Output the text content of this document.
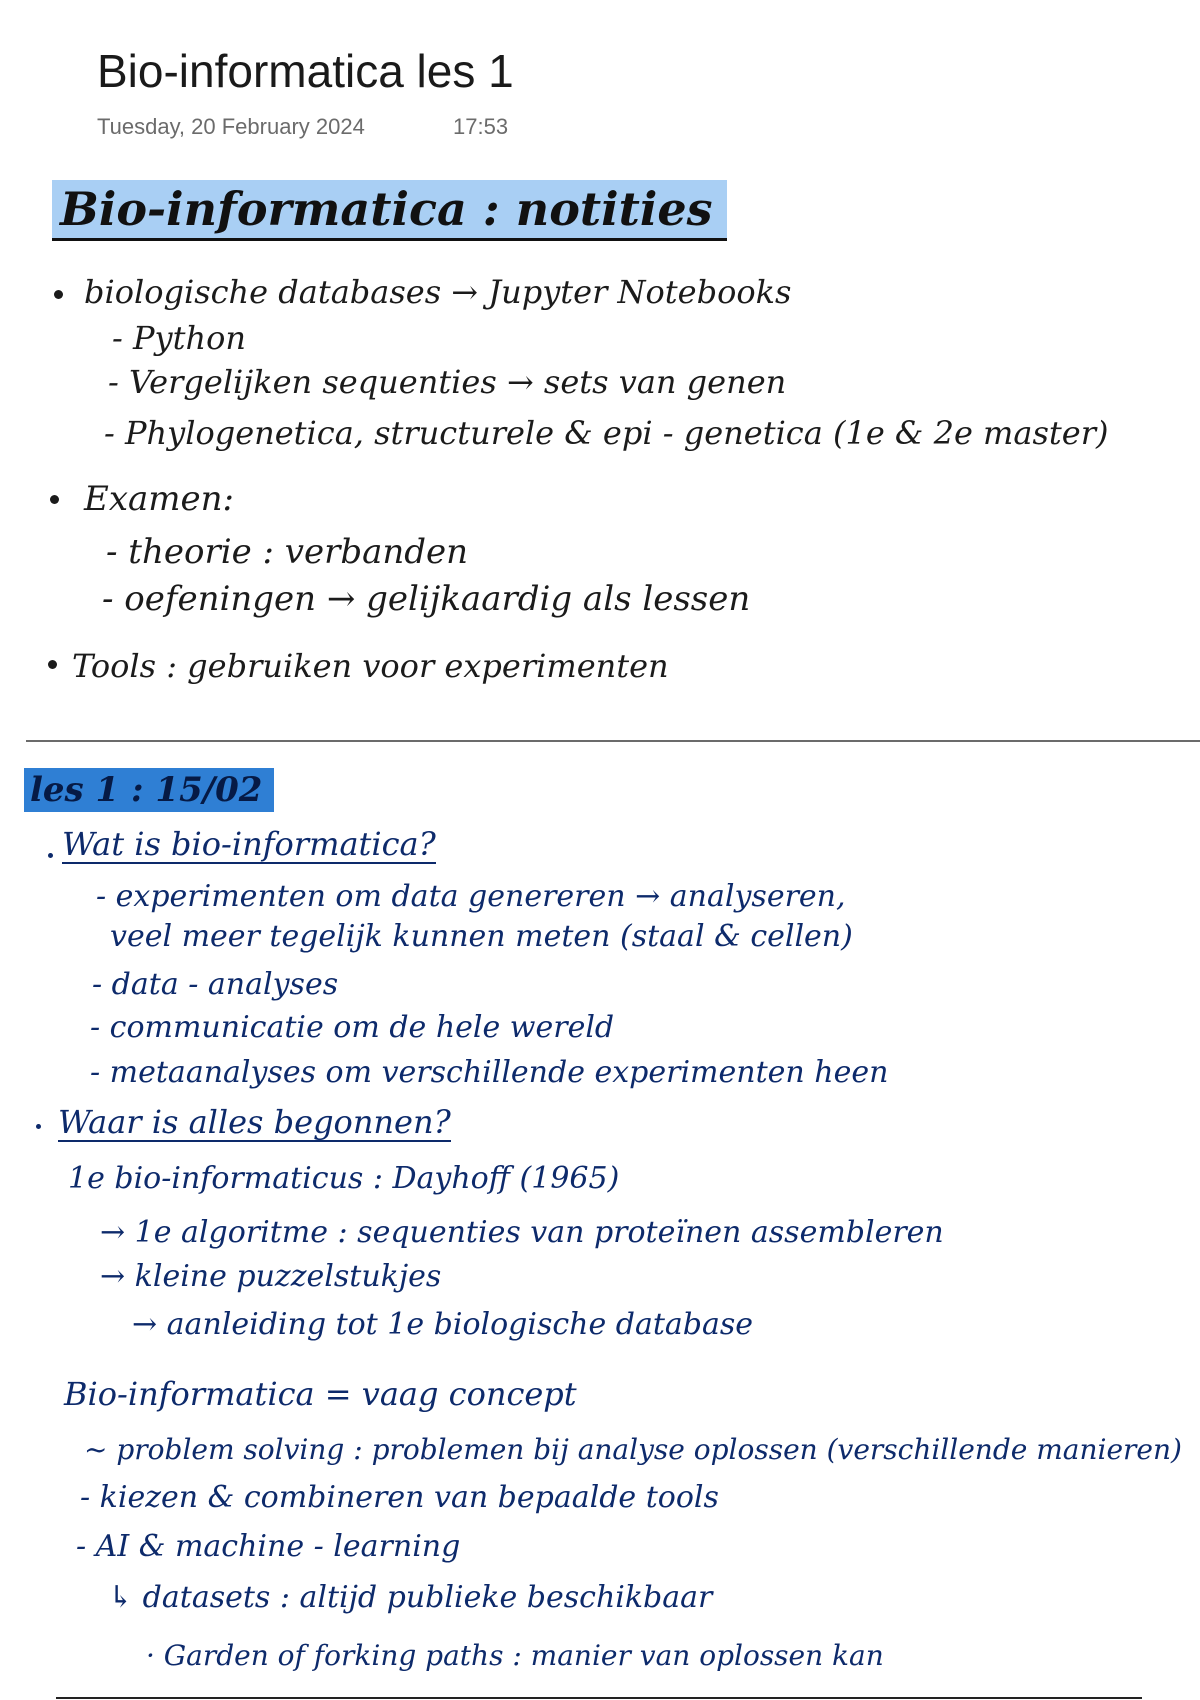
Bio-informatica les 1
Tuesday, 20 February 2024	17:53
Bio-informatica : notities
biologische databases → Jupyter Notebooks
- Python
- Vergelijken sequenties → sets van genen
- Phylogenetica, structurele & epi - genetica (1e & 2e master)
Examen:
- theorie : verbanden
- oefeningen → gelijkaardig als lessen
Tools : gebruiken voor experimenten
les 1 : 15/02
Wat is bio-informatica?
- experimenten om data genereren → analyseren,
veel meer tegelijk kunnen meten (staal & cellen)
- data - analyses
- communicatie om de hele wereld
- metaanalyses om verschillende experimenten heen
Waar is alles begonnen?
1e bio-informaticus : Dayhoff (1965)
→ 1e algoritme : sequenties van proteïnen assembleren
→ kleine puzzelstukjes
→ aanleiding tot 1e biologische database
Bio-informatica = vaag concept
~ problem solving : problemen bij analyse oplossen (verschillende manieren)
- kiezen & combineren van bepaalde tools
- AI & machine - learning
↳ datasets : altijd publieke beschikbaar
· Garden of forking paths : manier van oplossen kan
